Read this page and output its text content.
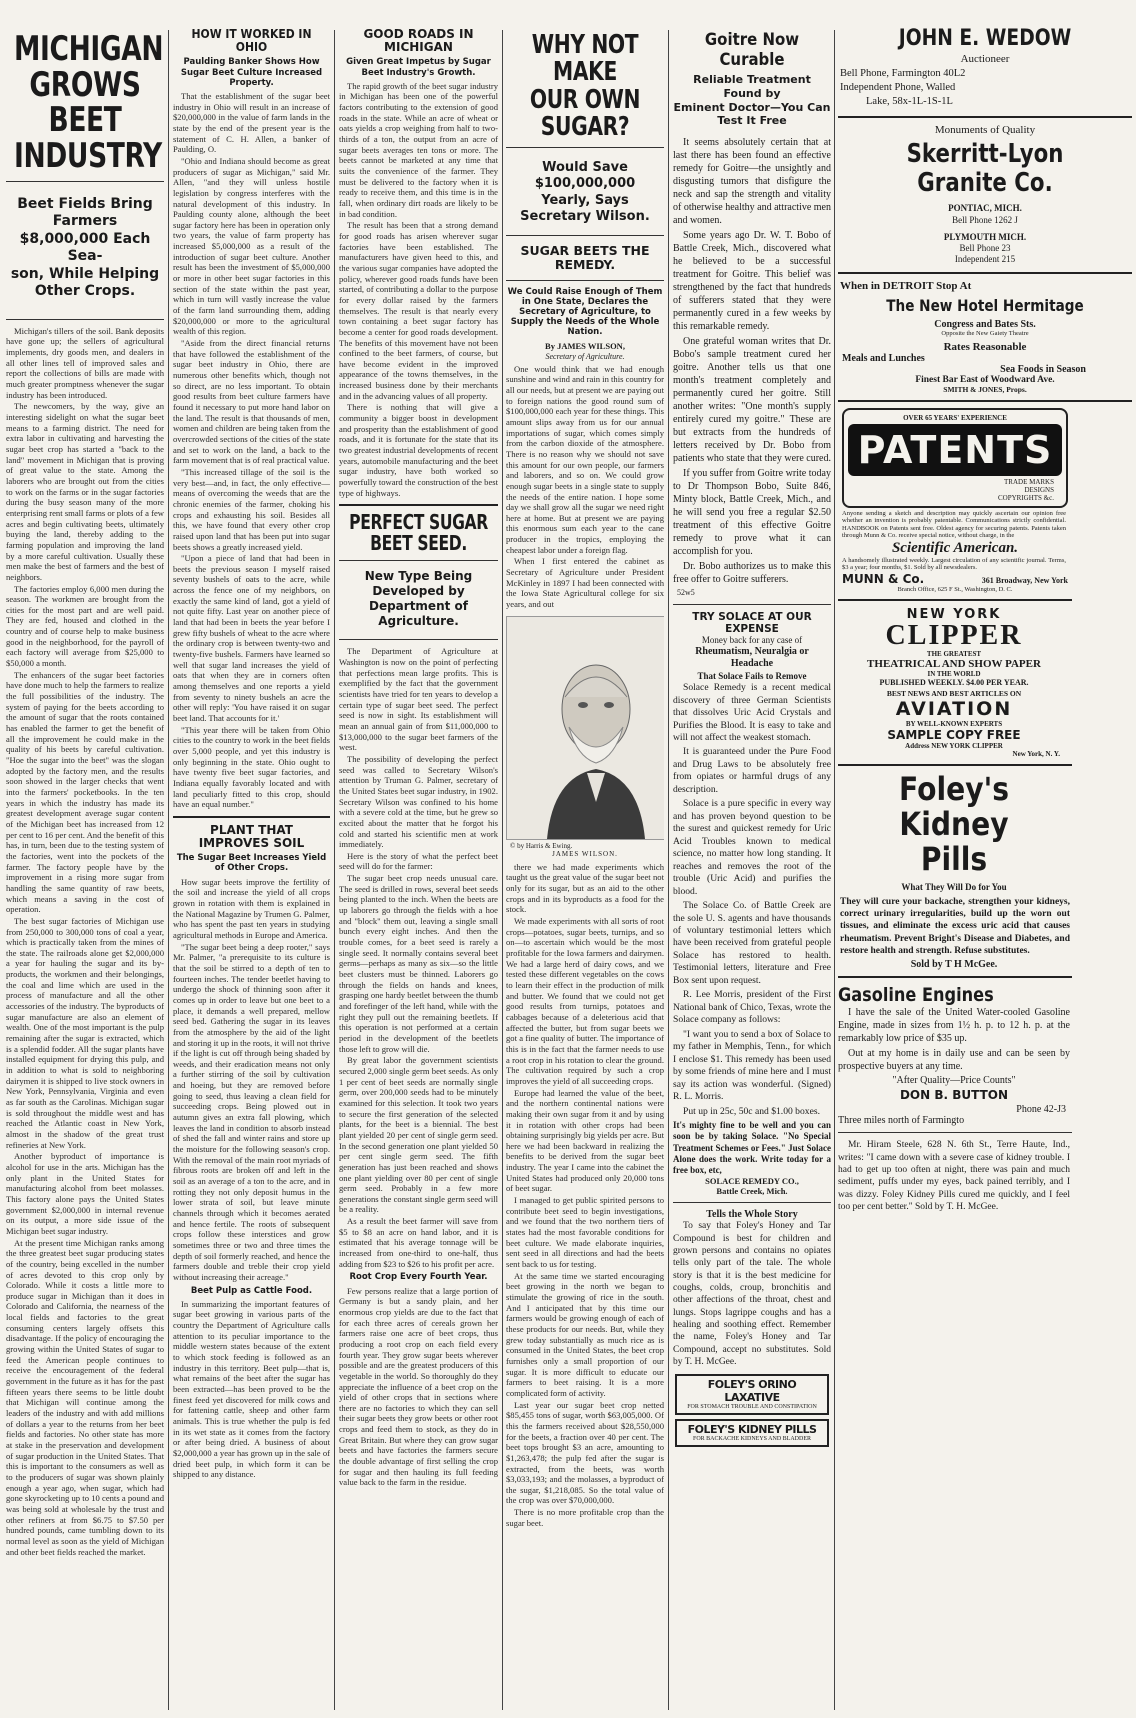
MICHIGAN GROWS
BEET INDUSTRY
Beet Fields Bring Farmers
$8,000,000 Each Sea-
son, While Helping
Other Crops.

Michigan's tillers of the soil. Bank deposits have gone up; the sellers of agricultural implements, dry goods men, and dealers in all other lines tell of improved sales and report the collections of bills are made with much greater promptness whenever the sugar industry has been introduced.

The newcomers, by the way, give an interesting sidelight on what the sugar beet means to a farming district. The need for extra labor in cultivating and harvesting the sugar beet crop has started a "back to the land" movement in Michigan that is proving of great value to the state. Among the laborers who are brought out from the cities to work on the farms or in the sugar factories during the busy season many of the more enterprising rent small farms or plots of a few acres and begin cultivating beets, ultimately buying the land, thereby adding to the farming population and improving the land by a more careful cultivation. Usually these men make the best of farmers and the best of neighbors.

The factories employ 6,000 men during the season. The workmen are brought from the cities for the most part and are well paid. They are fed, housed and clothed in the country and of course help to make business good in the neighborhood, for the payroll of each factory will average from $25,000 to $50,000 a month.

The enhancers of the sugar beet factories have done much to help the farmers to realize the full possibilities of the industry. The system of paying for the beets according to the amount of sugar that the roots contained has enabled the farmer to get the benefit of all the improvement he could make in the quality of his beets by careful cultivation. "Hoe the sugar into the beet" was the slogan adopted by the factory men, and the results soon showed in the larger checks that went into the farmers' pocketbooks. In the ten years in which the industry has made its greatest development average sugar content of the Michigan beet has increased from 12 per cent to 16 per cent. And the benefit of this has, in turn, been due to the testing system of the factories, went into the pockets of the farmer. The factory people have by the improvement in a rising more sugar from handling the same quantity of raw beets, which means a saving in the cost of operation.

The best sugar factories of Michigan use from 250,000 to 300,000 tons of coal a year, which is practically taken from the mines of the state. The railroads alone get $2,000,000 a year for hauling the sugar and its by-products, the workmen and their belongings, the coal and lime which are used in the process of manufacture and all the other accessories of the industry. The byproducts of sugar manufacture are also an element of wealth. One of the most important is the pulp remaining after the sugar is extracted, which is a splendid fodder. All the sugar plants have installed equipment for drying this pulp, and in addition to what is sold to neighboring dairymen it is shipped to live stock owners in New York, Pennsylvania, Virginia and even as far south as the Carolinas. Michigan sugar is sold throughout the middle west and has reached the Atlantic coast in New York, almost in the shadow of the great trust refineries at New York.

Another byproduct of importance is alcohol for use in the arts. Michigan has the only plant in the United States for manufacturing alcohol from beet molasses. This factory alone pays the United States government $2,000,000 in internal revenue on its output, a more side issue of the Michigan beet sugar industry.

At the present time Michigan ranks among the three greatest beet sugar producing states of the country, being excelled in the number of acres devoted to this crop only by Colorado. While it costs a little more to produce sugar in Michigan than it does in Colorado and California, the nearness of the local fields and factories to the great consuming centers largely offsets this disadvantage. If the policy of encouraging the growing within the United States of sugar to feed the American people continues to receive the encouragement of the federal government in the future as it has for the past fifteen years there seems to be little doubt that Michigan will continue among the leaders of the industry and with add millions of dollars a year to the returns from her beet fields and factories. No other state has more at stake in the preservation and development of sugar production in the United States. That this is important to the consumers as well as to the producers of sugar was shown plainly enough a year ago, when sugar, which had gone skyrocketing up to 10 cents a pound and was being sold at wholesale by the trust and other refiners at from $6.75 to $7.50 per hundred pounds, came tumbling down to its normal level as soon as the yield of Michigan and other beet fields reached the market.

HOW IT WORKED IN OHIO
Paulding Banker Shows How Sugar Beet Culture Increased Property.

That the establishment of the sugar beet industry in Ohio will result in an increase of $20,000,000 in the value of farm lands in the state by the end of the present year is the statement of C. H. Allen, a banker of Paulding, O.

"Ohio and Indiana should become as great producers of sugar as Michigan," said Mr. Allen, "and they will unless hostile legislation by congress interferes with the natural development of this industry. In Paulding county alone, although the beet sugar factory here has been in operation only two years, the value of farm property has increased $5,000,000 as a result of the introduction of sugar beet culture. Another result has been the investment of $5,000,000 or more in other beet sugar factories in this section of the state within the past year, which in turn will vastly increase the value of the farm land surrounding them, adding $20,000,000 or more to the agricultural wealth of this region.

"Aside from the direct financial returns that have followed the establishment of the sugar beet industry in Ohio, there are numerous other benefits which, though not so direct, are no less important. To obtain good results from beet culture farmers have found it necessary to put more hand labor on the land. The result is that thousands of men, women and children are being taken from the overcrowded sections of the cities of the state and set to work on the land, a back to the farm movement that is of real practical value.

"This increased tillage of the soil is the very best—and, in fact, the only effective—means of overcoming the weeds that are the chronic enemies of the farmer, choking his crops and exhausting his soil. Besides all this, we have found that every other crop raised upon land that has been put into sugar beets shows a greatly increased yield.

"Upon a piece of land that had been in beets the previous season I myself raised seventy bushels of oats to the acre, while across the fence one of my neighbors, on exactly the same kind of land, got a yield of not quite fifty. Last year on another piece of land that had been in beets the year before I grew fifty bushels of wheat to the acre where the ordinary crop is between twenty-two and twenty-five bushels. Farmers have learned so well that sugar land increases the yield of oats that when they are in corners often among themselves and one reports a yield from seventy to ninety bushels an acre the other will reply: 'You have raised it on sugar beet land. That accounts for it.'

"This year there will be taken from Ohio cities to the country to work in the beet fields over 5,000 people, and yet this industry is only beginning in the state. Ohio ought to have twenty five beet sugar factories, and Indiana equally favorably located and with land peculiarly fitted to this crop, should have an equal number."

PLANT THAT IMPROVES SOIL
The Sugar Beet Increases Yield of Other Crops.

How sugar beets improve the fertility of the soil and increase the yield of all crops grown in rotation with them is explained in the National Magazine by Trumen G. Palmer, who has spent the past ten years in studying agricultural methods in Europe and America.

"The sugar beet being a deep rooter," says Mr. Palmer, "a prerequisite to its culture is that the soil be stirred to a depth of ten to fourteen inches. The tender beetlet having to undergo the shock of thinning soon after it comes up in order to leave but one beet to a place, it demands a well prepared, mellow seed bed. Gathering the sugar in its leaves from the atmosphere by the aid of the light and storing it up in the roots, it will not thrive if the light is cut off through being shaded by weeds, and their eradication means not only a further stirring of the soil by cultivation and hoeing, but they are removed before going to seed, thus leaving a clean field for succeeding crops. Being plowed out in autumn gives an extra fall plowing, which leaves the land in condition to absorb instead of shed the fall and winter rains and store up the moisture for the following season's crop. With the removal of the main root myriads of fibrous roots are broken off and left in the soil as an average of a ton to the acre, and in rotting they not only deposit humus in the lower strata of soil, but leave minute channels through which it becomes aerated and hence fertile. The roots of subsequent crops follow these interstices and grow sometimes three or two and three times the depth of soil formerly reached, and hence the farmers double and treble their crop yield without increasing their acreage."

Beet Pulp as Cattle Food.

In summarizing the important features of sugar beet growing in various parts of the country the Department of Agriculture calls attention to its peculiar importance to the middle western states because of the extent to which stock feeding is followed as an industry in this territory. Beet pulp—that is, what remains of the beet after the sugar has been extracted—has been proved to be the finest feed yet discovered for milk cows and for fattening cattle, sheep and other farm animals. This is true whether the pulp is fed in its wet state as it comes from the factory or after being dried. A business of about $2,000,000 a year has grown up in the sale of dried beet pulp, in which form it can be shipped to any distance.

GOOD ROADS IN MICHIGAN
Given Great Impetus by Sugar Beet Industry's Growth.

The rapid growth of the beet sugar industry in Michigan has been one of the powerful factors contributing to the extension of good roads in the state. While an acre of wheat or oats yields a crop weighing from half to two-thirds of a ton, the output from an acre of sugar beets averages ten tons or more. The beets cannot be marketed at any time that suits the convenience of the farmer. They must be delivered to the factory when it is ready to receive them, and this time is in the fall, when ordinary dirt roads are likely to be in bad condition.

The result has been that a strong demand for good roads has arisen wherever sugar factories have been established. The manufacturers have given heed to this, and the various sugar companies have adopted the policy, wherever good roads funds have been started, of contributing a dollar to the purpose for every dollar raised by the farmers themselves. The result is that nearly every town containing a beet sugar factory has become a center for good roads development. The benefits of this movement have not been confined to the beet farmers, of course, but have become evident in the improved appearance of the towns themselves, in the increased business done by their merchants and in the advancing values of all property.

There is nothing that will give a community a bigger boost in development and prosperity than the establishment of good roads, and it is fortunate for the state that its two greatest industrial developments of recent years, automobile manufacturing and the beet sugar industry, have both worked so powerfully toward the construction of the best type of highways.

PERFECT SUGAR
BEET SEED.
New Type Being Developed by
Department of Agriculture.

The Department of Agriculture at Washington is now on the point of perfecting that perfections mean large profits. This is exemplified by the fact that the government scientists have tried for ten years to develop a certain type of sugar beet seed. The perfect seed is now in sight. Its establishment will mean an annual gain of from $11,000,000 to $13,000,000 to the sugar beet farmers of the west.

The possibility of developing the perfect seed was called to Secretary Wilson's attention by Truman G. Palmer, secretary of the United States beet sugar industry, in 1902. Secretary Wilson was confined to his home with a severe cold at the time, but he grew so excited about the matter that he forgot his cold and started his scientific men at work immediately.

Here is the story of what the perfect beet seed will do for the farmer:

The sugar beet crop needs unusual care. The seed is drilled in rows, several beet seeds being planted to the inch. When the beets are up laborers go through the fields with a hoe and "block" them out, leaving a single small bunch every eight inches. And then the trouble comes, for a beet seed is rarely a single seed. It normally contains several beet germs—perhaps as many as six—so the little beet clusters must be thinned. Laborers go through the fields on hands and knees, grasping one hardy beetlet between the thumb and forefinger of the left hand, while with the right they pull out the remaining beetlets. If this operation is not performed at a certain period in the development of the beetlets those left to grow will die.

By great labor the government scientists secured 2,000 single germ beet seeds. As only 1 per cent of beet seeds are normally single germ, over 200,000 seeds had to be minutely examined for this selection. It took two years to secure the first generation of the selected plants, for the beet is a biennial. The best plant yielded 20 per cent of single germ seed. In the second generation one plant yielded 50 per cent single germ seed. The fifth generation has just been reached and shows one plant yielding over 80 per cent of single germ seed. Probably in a few more generations the constant single germ seed will be a reality.

As a result the beet farmer will save from $5 to $8 an acre on hand labor, and it is estimated that his average tonnage will be increased from one-third to one-half, thus adding from $23 to $26 to his profit per acre.

Root Crop Every Fourth Year.

Few persons realize that a large portion of Germany is but a sandy plain, and her enormous crop yields are due to the fact that for each three acres of cereals grown her farmers raise one acre of beet crops, thus producing a root crop on each field every fourth year. They grow sugar beets wherever possible and are the greatest producers of this vegetable in the world. So thoroughly do they appreciate the influence of a beet crop on the yield of other crops that in sections where there are no factories to which they can sell their sugar beets they grow beets or other root crops and feed them to stock, as they do in Great Britain. But where they can grow sugar beets and have factories the farmers secure the double advantage of first selling the crop for sugar and then hauling its full feeding value back to the farm in the residue.

WHY NOT MAKE
OUR OWN SUGAR?
Would Save $100,000,000
Yearly, Says Secretary Wilson.
SUGAR BEETS THE REMEDY.
We Could Raise Enough of Them in One State, Declares the Secretary of Agriculture, to Supply the Needs of the Whole Nation.
By JAMES WILSON,
Secretary of Agriculture.

One would think that we had enough sunshine and wind and rain in this country for all our needs, but at present we are paying out to foreign nations the good round sum of $100,000,000 each year for these things. This amount slips away from us for our annual importations of sugar, which comes simply from the carbon dioxide of the atmosphere. There is no reason why we should not save this amount for our own people, our farmers and laborers, and so on. We could grow enough sugar beets in a single state to supply the needs of the entire nation. I hope some day we shall grow all the sugar we need right here at home. But at present we are paying this enormous sum each year to the cane producer in the tropics, employing the cheapest labor under a foreign flag.

When I first entered the cabinet as Secretary of Agriculture under President McKinley in 1897 I had been connected with the Iowa State Agricultural college for six years, and out

© by Harris & Ewing.
JAMES WILSON.

there we had made experiments which taught us the great value of the sugar beet not only for its sugar, but as an aid to the other crops and in its byproducts as a food for the stock.

We made experiments with all sorts of root crops—potatoes, sugar beets, turnips, and so on—to ascertain which would be the most profitable for the Iowa farmers and dairymen. We had a large herd of dairy cows, and we tested these different vegetables on the cows to learn their effect in the production of milk and butter. We found that we could not get good results from turnips, potatoes and cabbages because of a deleterious acid that affected the butter, but from sugar beets we got a fine quality of butter. The importance of this is in the fact that the farmer needs to use a root crop in his rotation to clear the ground. The cultivation required by such a crop improves the yield of all succeeding crops.

Europe had learned the value of the beet, and the northern continental nations were making their own sugar from it and by using it in rotation with other crops had been obtaining surprisingly big yields per acre. But here we had been backward in realizing the benefits to be derived from the sugar beet industry. The year I came into the cabinet the United States had produced only 20,000 tons of beet sugar.

I managed to get public spirited persons to contribute beet seed to begin investigations, and we found that the two northern tiers of states had the most favorable conditions for beet culture. We made elaborate inquiries, sent seed in all directions and had the beets sent back to us for testing.

At the same time we started encouraging beet growing in the north we began to stimulate the growing of rice in the south. And I anticipated that by this time our farmers would be growing enough of each of these products for our needs. But, while they grew today substantially as much rice as is consumed in the United States, the beet crop furnishes only a small proportion of our sugar. It is more difficult to educate our farmers to beet raising. It is a more complicated form of activity.

Last year our sugar beet crop netted $85,455 tons of sugar, worth $63,005,000. Of this the farmers received about $28,550,000 for the beets, a fraction over 40 per cent. The beet tops brought $3 an acre, amounting to $1,263,478; the pulp fed after the sugar is extracted, from the beets, was worth $3,033,193; and the molasses, a byproduct of the sugar, $1,218,085. So the total value of the crop was over $70,000,000.

There is no more profitable crop than the sugar beet.

Goitre Now Curable
Reliable Treatment Found by
Eminent Doctor—You Can
Test It Free

It seems absolutely certain that at last there has been found an effective remedy for Goitre—the unsightly and disgusting tumors that disfigure the neck and sap the strength and vitality of otherwise healthy and attractive men and women.

Some years ago Dr. W. T. Bobo of Battle Creek, Mich., discovered what he believed to be a successful treatment for Goitre. This belief was strengthened by the fact that hundreds of sufferers stated that they were permanently cured in a few weeks by this remarkable remedy.

One grateful woman writes that Dr. Bobo's sample treatment cured her goitre. Another tells us that one month's treatment completely and permanently cured her goitre. Still another writes: "One month's supply entirely cured my goitre." These are but extracts from the hundreds of letters received by Dr. Bobo from patients who state that they were cured.

If you suffer from Goitre write today to Dr Thompson Bobo, Suite 846, Minty block, Battle Creek, Mich., and he will send you free a regular $2.50 treatment of this effective Goitre remedy to prove what it can accomplish for you.

Dr. Bobo authorizes us to make this free offer to Goitre sufferers.

52w5
TRY SOLACE AT OUR EXPENSE
Money back for any case of
Rheumatism, Neuralgia or Headache
That Solace Fails to Remove

Solace Remedy is a recent medical discovery of three German Scientists that dissolves Uric Acid Crystals and Purifies the Blood. It is easy to take and will not affect the weakest stomach.

It is guaranteed under the Pure Food and Drug Laws to be absolutely free from opiates or harmful drugs of any description.

Solace is a pure specific in every way and has proven beyond question to be the surest and quickest remedy for Uric Acid Troubles known to medical science, no matter how long standing. It reaches and removes the root of the trouble (Uric Acid) and purifies the blood.

The Solace Co. of Battle Creek are the sole U. S. agents and have thousands of voluntary testimonial letters which have been received from grateful people Solace has restored to health. Testimonial letters, literature and Free Box sent upon request.

R. Lee Morris, president of the First National bank of Chico, Texas, wrote the Solace company as follows:

"I want you to send a box of Solace to my father in Memphis, Tenn., for which I enclose $1. This remedy has been used by some friends of mine here and I must say its action was wonderful. (Signed) R. L. Morris.

Put up in 25c, 50c and $1.00 boxes.

It's mighty fine to be well and you can soon be by taking Solace. "No Special Treatment Schemes or Fees." Just Solace Alone does the work. Write today for a free box, etc,
SOLACE REMEDY CO.,
Battle Creek, Mich.
Tells the Whole Story

To say that Foley's Honey and Tar Compound is best for children and grown persons and contains no opiates tells only part of the tale. The whole story is that it is the best medicine for coughs, colds, croup, bronchitis and other affections of the throat, chest and lungs. Stops lagrippe coughs and has a healing and soothing effect. Remember the name, Foley's Honey and Tar Compound, accept no substitutes. Sold by T. H. McGee.

FOLEY'S ORINO LAXATIVE
FOR STOMACH TROUBLE AND CONSTIPATION
FOLEY'S KIDNEY PILLS
FOR BACKACHE KIDNEYS AND BLADDER
JOHN E. WEDOW
Auctioneer
Bell Phone, Farmington 40L2
Independent Phone, Walled
Lake, 58x-1L-1S-1L
Monuments of Quality
Skerritt-Lyon
Granite Co.
PONTIAC, MICH.
Bell Phone 1262 J
PLYMOUTH MICH.
Bell Phone 23
Independent 215
When in DETROIT Stop At
The New Hotel Hermitage
Congress and Bates Sts.
Opposite the New Gaiety Theatre
Rates Reasonable
Meals and Lunches
Sea Foods in Season
Finest Bar East of Woodward Ave.
SMITH & JONES, Props.
OVER 65 YEARS' EXPERIENCE
PATENTS
TRADE MARKS
DESIGNS
COPYRIGHTS &c.
Anyone sending a sketch and description may quickly ascertain our opinion free whether an invention is probably patentable. Communications strictly confidential. HANDBOOK on Patents sent free. Oldest agency for securing patents. Patents taken through Munn & Co. receive special notice, without charge, in the
Scientific American.
A handsomely illustrated weekly. Largest circulation of any scientific journal. Terms, $3 a year; four months, $1. Sold by all newsdealers.
MUNN & Co.	361 Broadway, New York
Branch Office, 625 F St., Washington, D. C.
NEW YORK
CLIPPER
THE GREATEST
THEATRICAL AND SHOW PAPER
IN THE WORLD
PUBLISHED WEEKLY. $4.00 PER YEAR.
BEST NEWS AND BEST ARTICLES ON
AVIATION
BY WELL-KNOWN EXPERTS
SAMPLE COPY FREE
Address NEW YORK CLIPPER
New York, N. Y.
Foley's
Kidney
Pills
What They Will Do for You
They will cure your backache, strengthen your kidneys, correct urinary irregularities, build up the worn out tissues, and eliminate the excess uric acid that causes rheumatism. Prevent Bright's Disease and Diabetes, and restore health and strength. Refuse substitutes.
Sold by T H McGee.
Gasoline Engines

I have the sale of the United Water-cooled Gasoline Engine, made in sizes from 1½ h. p. to 12 h. p. at the remarkably low price of $35 up.

Out at my home is in daily use and can be seen by prospective buyers at any time.

"After Quality—Price Counts"
DON B. BUTTON
Phone 42-J3
Three miles north of Farmingto

Mr. Hiram Steele, 628 N. 6th St., Terre Haute, Ind., writes: "I came down with a severe case of kidney trouble. I had to get up too often at night, there was pain and much sediment, puffs under my eyes, back pained terribly, and I was dizzy. Foley Kidney Pills cured me quickly, and I feel too per cent better." Sold by T. H. McGee.
